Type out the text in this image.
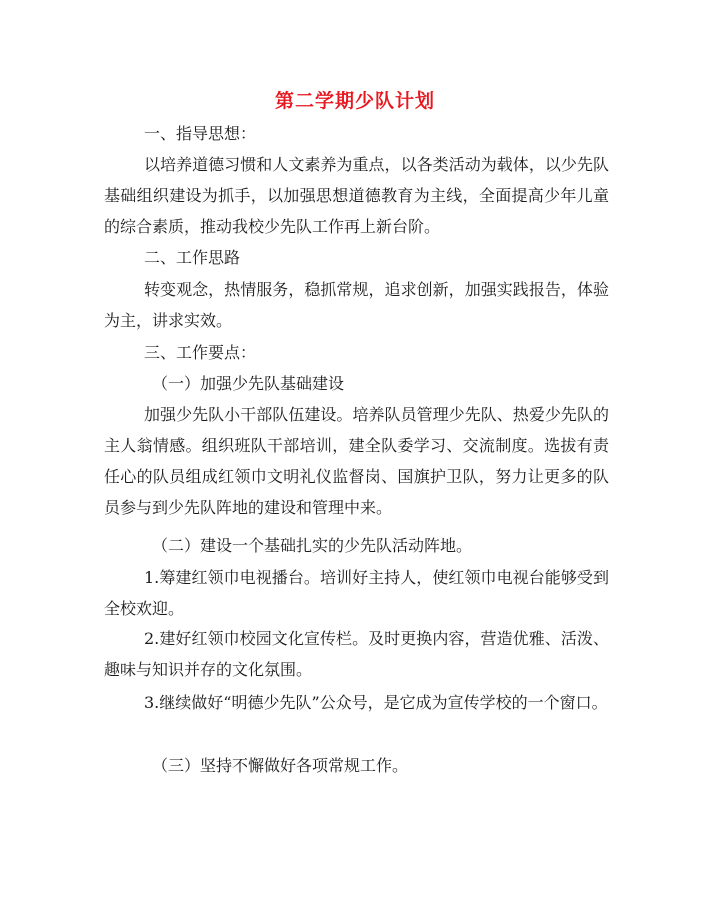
第二学期少队计划
一、指导思想：
以培养道德习惯和人文素养为重点，以各类活动为载体，以少先队基础组织建设为抓手，以加强思想道德教育为主线，全面提高少年儿童的综合素质，推动我校少先队工作再上新台阶。
二、工作思路
转变观念，热情服务，稳抓常规，追求创新，加强实践报告，体验为主，讲求实效。
三、工作要点：
（一）加强少先队基础建设
加强少先队小干部队伍建设。培养队员管理少先队、热爱少先队的主人翁情感。组织班队干部培训，建全队委学习、交流制度。选拔有责任心的队员组成红领巾文明礼仪监督岗、国旗护卫队，努力让更多的队员参与到少先队阵地的建设和管理中来。
（二）建设一个基础扎实的少先队活动阵地。
1.筹建红领巾电视播台。培训好主持人，使红领巾电视台能够受到全校欢迎。
2.建好红领巾校园文化宣传栏。及时更换内容，营造优雅、活泼、趣味与知识并存的文化氛围。
3.继续做好“明德少先队”公众号，是它成为宣传学校的一个窗口。
（三）坚持不懈做好各项常规工作。
